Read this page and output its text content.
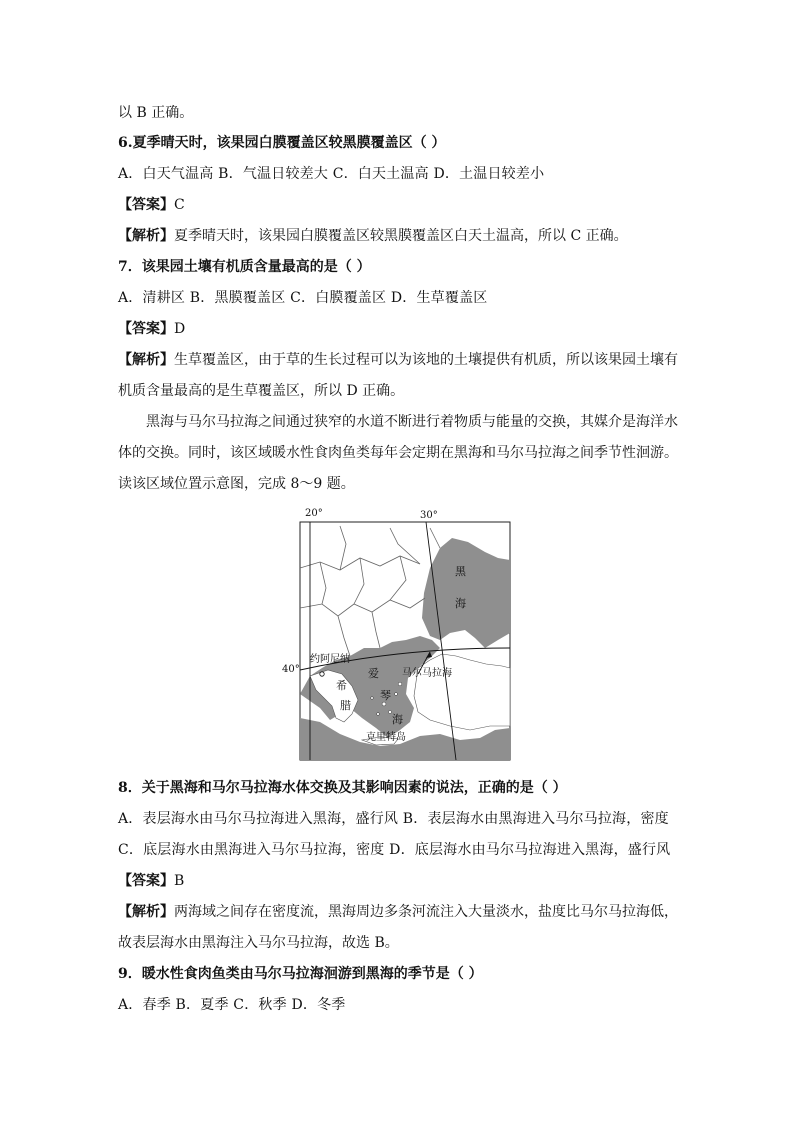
以 B 正确。
6.夏季晴天时，该果园白膜覆盖区较黑膜覆盖区（ ）
A．白天气温高 B．气温日较差大 C．白天土温高 D．土温日较差小
【答案】C
【解析】夏季晴天时，该果园白膜覆盖区较黑膜覆盖区白天土温高，所以 C 正确。
7．该果园土壤有机质含量最高的是（ ）
A．清耕区 B．黑膜覆盖区 C．白膜覆盖区 D．生草覆盖区
【答案】D
【解析】生草覆盖区，由于草的生长过程可以为该地的土壤提供有机质，所以该果园土壤有
机质含量最高的是生草覆盖区，所以 D 正确。
黑海与马尔马拉海之间通过狭窄的水道不断进行着物质与能量的交换，其媒介是海洋水
体的交换。同时，该区域暖水性食肉鱼类每年会定期在黑海和马尔马拉海之间季节性洄游。
读该区域位置示意图，完成 8～9 题。
20°	30°
40°
黑
海
约阿尼纳
爱
琴
海
希
腊
马尔马拉海
克里特岛
8．关于黑海和马尔马拉海水体交换及其影响因素的说法，正确的是（ ）
A．表层海水由马尔马拉海进入黑海，盛行风 B．表层海水由黑海进入马尔马拉海，密度
C．底层海水由黑海进入马尔马拉海，密度 D．底层海水由马尔马拉海进入黑海，盛行风
【答案】B
【解析】两海域之间存在密度流，黑海周边多条河流注入大量淡水，盐度比马尔马拉海低，
故表层海水由黑海注入马尔马拉海，故选 B。
9．暖水性食肉鱼类由马尔马拉海洄游到黑海的季节是（ ）
A．春季 B．夏季 C．秋季 D．冬季
